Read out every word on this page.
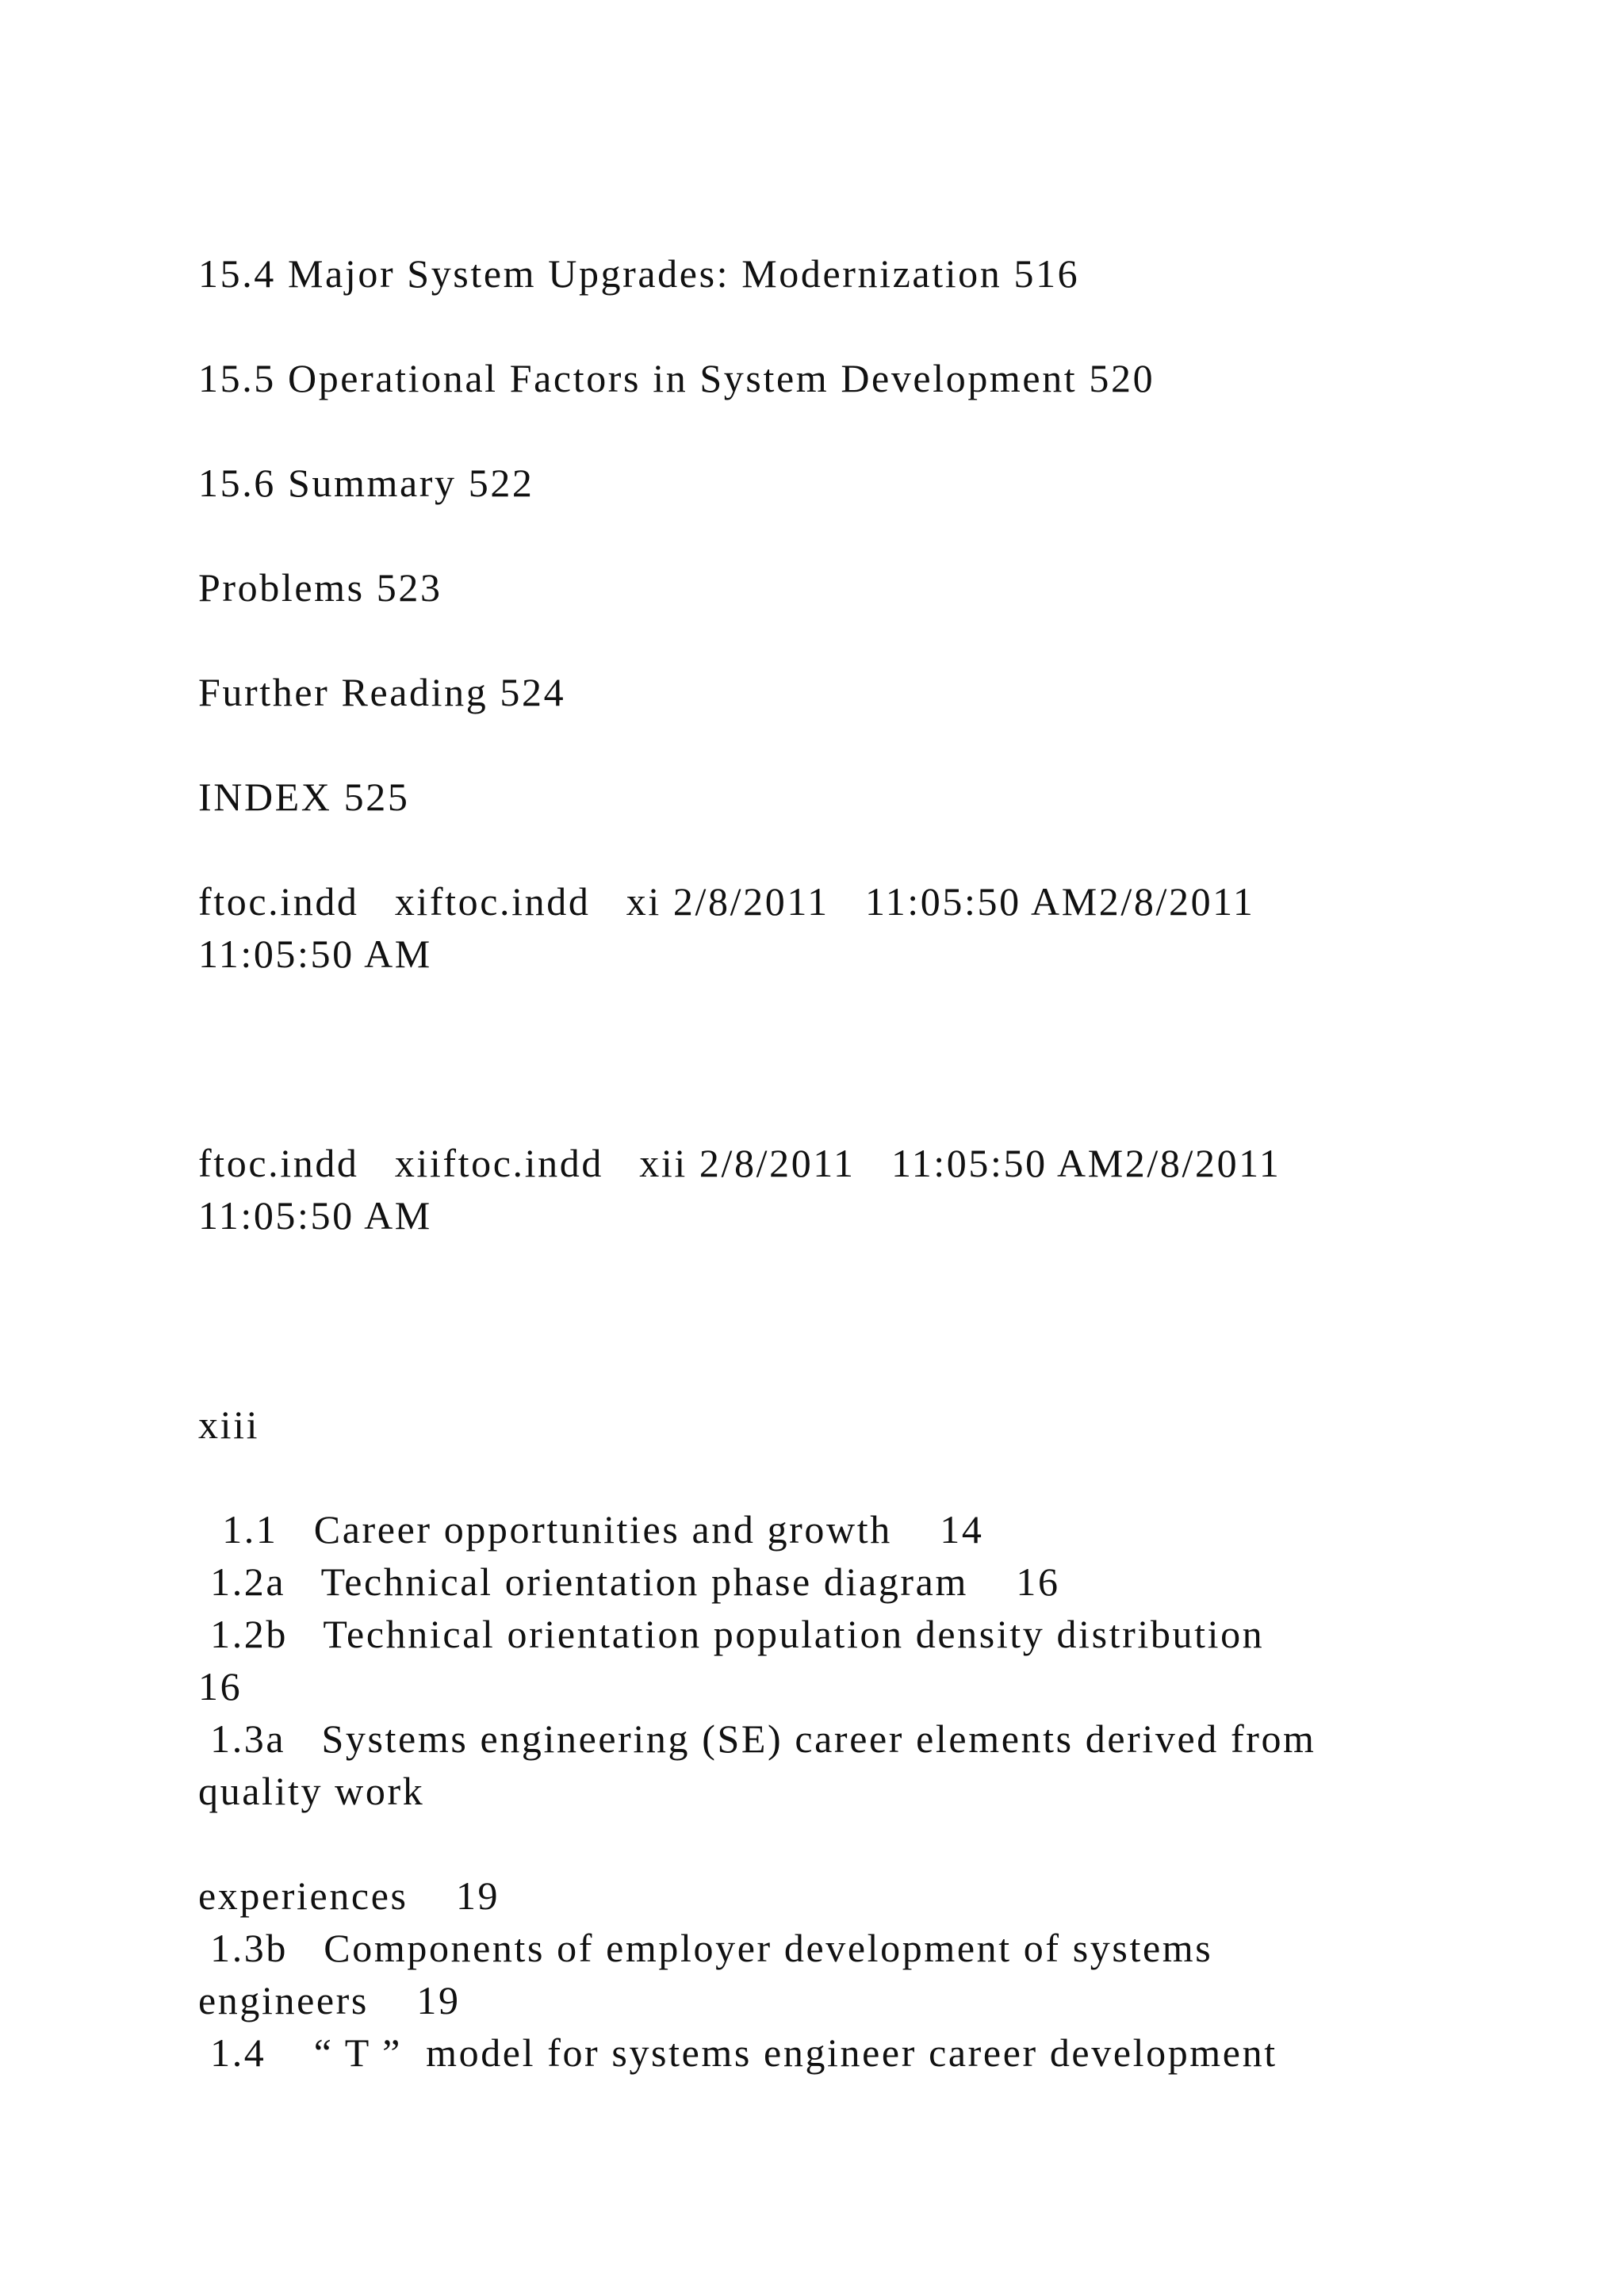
15.4 Major System Upgrades: Modernization 516

15.5 Operational Factors in System Development 520

15.6 Summary 522

Problems 523

Further Reading 524

INDEX 525

ftoc.indd   xiftoc.indd   xi 2/8/2011   11:05:50 AM2/8/2011

11:05:50 AM

ftoc.indd   xiiftoc.indd   xii 2/8/2011   11:05:50 AM2/8/2011

11:05:50 AM

xiii

1.1   Career opportunities and growth    14

1.2a   Technical orientation phase diagram    16

1.2b   Technical orientation population density distribution

16

1.3a   Systems engineering (SE) career elements derived from

quality work

experiences    19

1.3b   Components of employer development of systems

engineers    19

1.4    “ T ”  model for systems engineer career development
